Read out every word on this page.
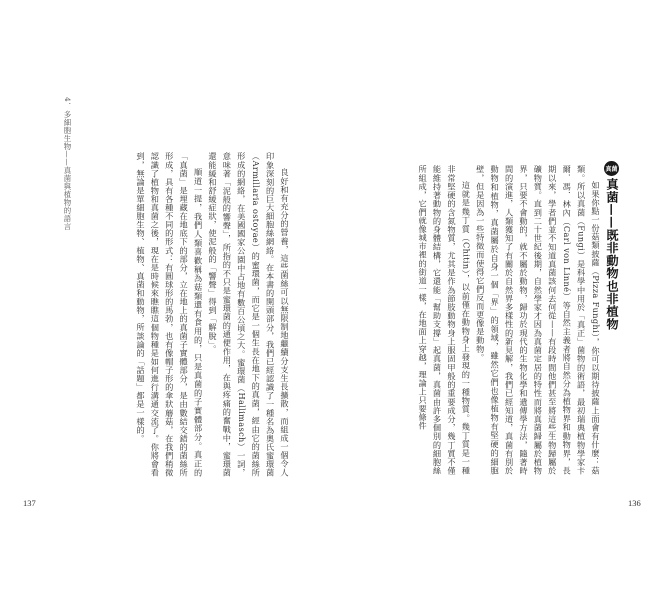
4．多細胞生物——真菌與植物的語言

良好和有充分的營養，這些菌絲可以無限制地繼續分支生長擴散，而組成一個令人印象深刻的巨大細胞絲網絡。在本書的開頭部分，我們已經認識了一種名為奧氏蜜環菌（Armillaria ostoyae）的蜜環菌，而它是一個生長在地下的真菌，經由它的菌絲所形成的網絡，在美國國家公園中占地有數百公頃之大。蜜環菌（Hallimasch）一詞，意味著「泥般的響聲」，所指的不只是蜜環菌的通便作用，在與疼痛的奮戰中，蜜環菌還能緩和舒緩症狀，使泥般的「響聲」得到「解脫」。

順道一提，我們人類喜歡稱為菇類還有食用的，只是真菌的子實體部分。真正的「真菌」是埋藏在地底下的部分，立在地上的真菌子實體部分，是由數結交錯的菌絲所形成，具有各種不同的形式：有圓球形的馬勃，也有像帽子形的傘狀蘑菇，在我們稍微認識了植物和真菌之後，現在是時候來瞧瞧這個物種是如何進行溝通交流了。你將會看到，無論是單細胞生物、植物、真菌和動物，所談論的「話題」都是一樣的。

137
真菌
真菌——既非動物也非植物

如果你點一份菇類披薩（Pizza Funghi），你可以期待披薩上面會有什麼：菇類。所以真菌（Fungi）是科學中用於「真正」菌物的術語，最初瑞典植物學家卡爾．馮．林內（Carl von Linné）等自然主義者將自然分為植物界和動物界，長期以來，學者們並不知道真菌該何去何從——有段時間他們甚至將這些生物歸屬於礦物質。直到二十世紀後期，自然學家才因為真菌定居的特性而將真菌歸屬於植物界，只要不會動的，就不屬於動物，歸功於現代的生物化學和遺傳學方法，隨著時間的演進，人類獲知了有關於自然界多樣性的新見解，我們已經知道，真菌有別於動物和植物，真菌屬於自身一個「界」的領域，雖然它們也像植物有堅硬的細胞壁，但是因為一些特徵而使得它們反而更像是動物。

這就是幾丁質（Chitin），以前僅在動物身上發現的一種物質。幾丁質是一種非常堅硬的含氮物質，尤其是作為節肢動物身上服固甲般的重要成分，幾丁質不僅能維持著動物的身體結構，它還能「幫助支撐」起真菌，真菌由許多個別的細胞絲所組成，它們就像城市裡的街道一樣，在地面上穿越，理論上只要條件

136
